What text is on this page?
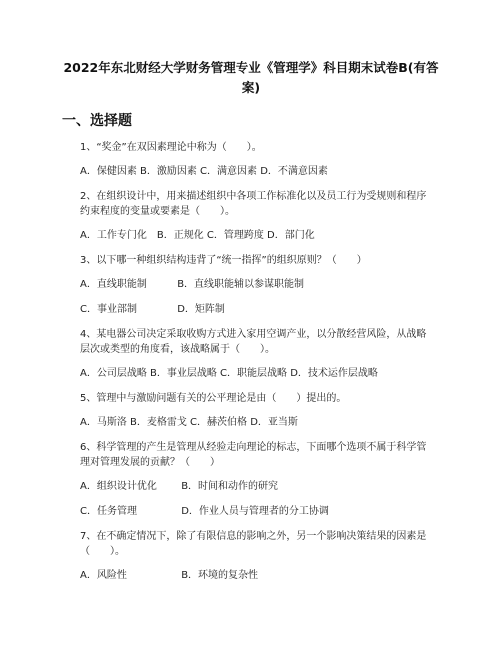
2022年东北财经大学财务管理专业《管理学》科目期末试卷B(有答案)
一、选择题
1、“奖金”在双因素理论中称为（　　）。
A．保健因素 B．激励因素 C．满意因素 D．不满意因素
2、在组织设计中，用来描述组织中各项工作标准化以及员工行为受规则和程序约束程度的变量或要素是（　　）。
A．工作专门化　B．正规化 C．管理跨度 D．部门化
3、以下哪一种组织结构违背了“统一指挥”的组织原则？（　　）
A．直线职能制	B．直线职能辅以参谋职能制
C．事业部制	D．矩阵制
4、某电器公司决定采取收购方式进入家用空调产业，以分散经营风险，从战略层次或类型的角度看，该战略属于（　　）。
A．公司层战略 B．事业层战略 C．职能层战略 D．技术运作层战略
5、管理中与激励问题有关的公平理论是由（　　）提出的。
A．马斯洛 B．麦格雷戈 C．赫茨伯格 D．亚当斯
6、科学管理的产生是管理从经验走向理论的标志，下面哪个选项不属于科学管理对管理发展的贡献？（　　）
A．组织设计优化 B．时间和动作的研究
C．任务管理	D．作业人员与管理者的分工协调
7、在不确定情况下，除了有限信息的影响之外，另一个影响决策结果的因素是（　　）。
A．风险性	B．环境的复杂性
